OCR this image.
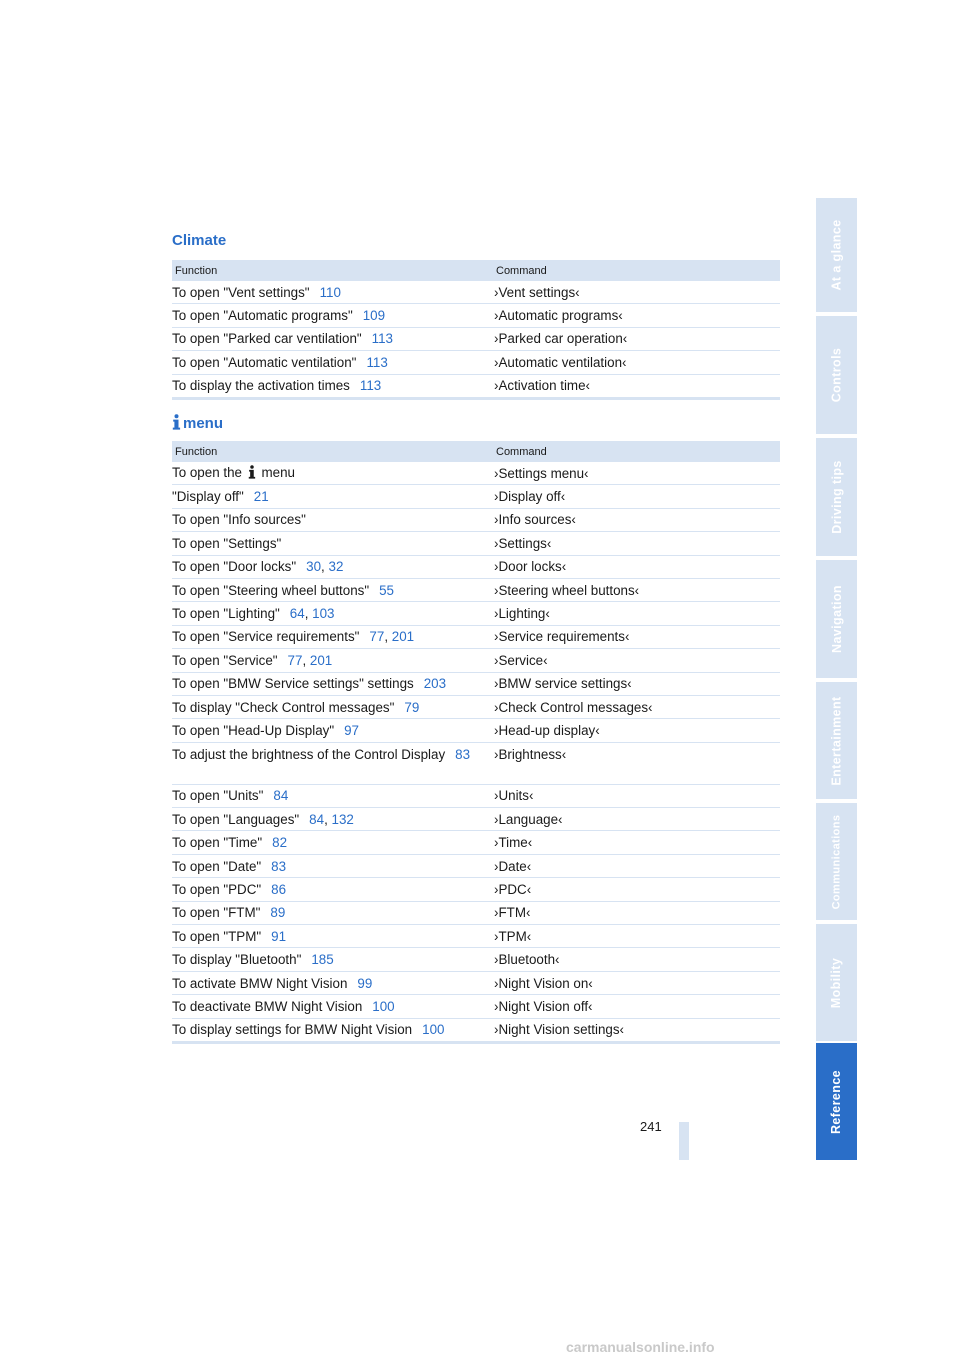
Climate
Function	Command
To open "Vent settings" 110	›Vent settings‹
To open "Automatic programs" 109	›Automatic programs‹
To open "Parked car ventilation" 113	›Parked car operation‹
To open "Automatic ventilation" 113	›Automatic ventilation‹
To display the activation times 113	›Activation time‹
menu
Function	Command
To open the menu	›Settings menu‹
"Display off" 21	›Display off‹
To open "Info sources"	›Info sources‹
To open "Settings"	›Settings‹
To open "Door locks" 30, 32	›Door locks‹
To open "Steering wheel buttons" 55	›Steering wheel buttons‹
To open "Lighting" 64, 103	›Lighting‹
To open "Service requirements" 77, 201	›Service requirements‹
To open "Service" 77, 201	›Service‹
To open "BMW Service settings" settings 203	›BMW service settings‹
To display "Check Control messages" 79	›Check Control messages‹
To open "Head-Up Display" 97	›Head-up display‹
To adjust the brightness of the Control Display 83	›Brightness‹
To open "Units" 84	›Units‹
To open "Languages" 84, 132	›Language‹
To open "Time" 82	›Time‹
To open "Date" 83	›Date‹
To open "PDC" 86	›PDC‹
To open "FTM" 89	›FTM‹
To open "TPM" 91	›TPM‹
To display "Bluetooth" 185	›Bluetooth‹
To activate BMW Night Vision 99	›Night Vision on‹
To deactivate BMW Night Vision 100	›Night Vision off‹
To display settings for BMW Night Vision 100	›Night Vision settings‹
At a glance
Controls
Driving tips
Navigation
Entertainment
Communications
Mobility
Reference
241
carmanualsonline.info
